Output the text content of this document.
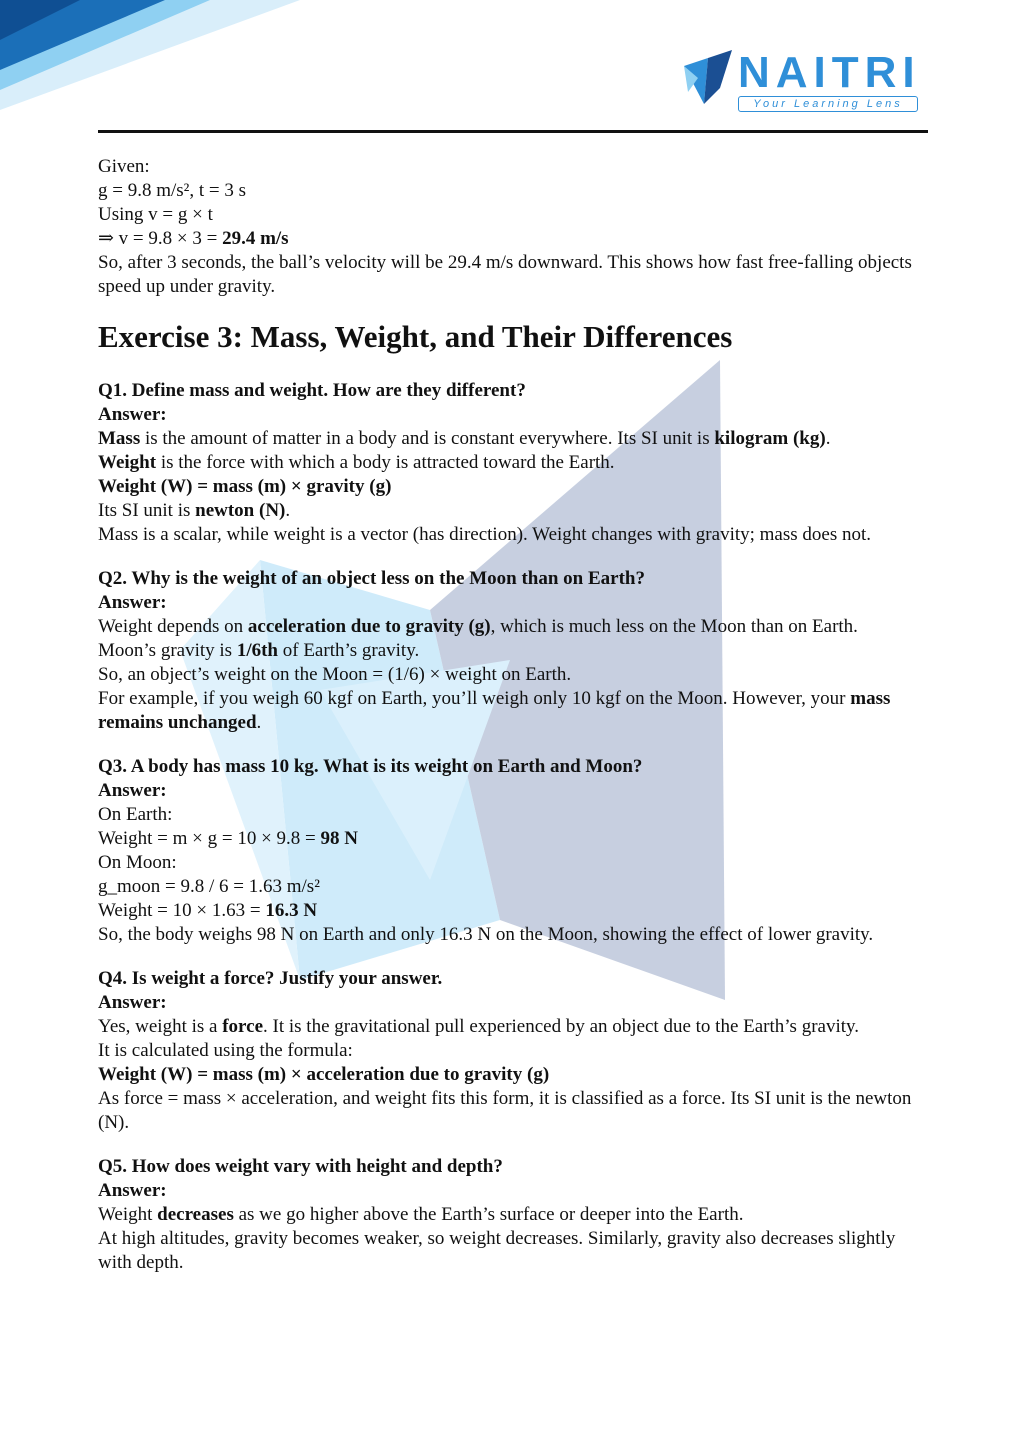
NAITRI
Your Learning Lens

Given:

g = 9.8 m/s², t = 3 s

Using v = g × t

⇒ v = 9.8 × 3 = 29.4 m/s

So, after 3 seconds, the ball’s velocity will be 29.4 m/s downward. This shows how fast free-falling objects speed up under gravity.

Exercise 3: Mass, Weight, and Their Differences

Q1. Define mass and weight. How are they different?

Answer:

Mass is the amount of matter in a body and is constant everywhere. Its SI unit is kilogram (kg).

Weight is the force with which a body is attracted toward the Earth.

Weight (W) = mass (m) × gravity (g)

Its SI unit is newton (N).

Mass is a scalar, while weight is a vector (has direction). Weight changes with gravity; mass does not.

Q2. Why is the weight of an object less on the Moon than on Earth?

Answer:

Weight depends on acceleration due to gravity (g), which is much less on the Moon than on Earth.

Moon’s gravity is 1/6th of Earth’s gravity.

So, an object’s weight on the Moon = (1/6) × weight on Earth.

For example, if you weigh 60 kgf on Earth, you’ll weigh only 10 kgf on the Moon. However, your mass remains unchanged.

Q3. A body has mass 10 kg. What is its weight on Earth and Moon?

Answer:

On Earth:

Weight = m × g = 10 × 9.8 = 98 N

On Moon:

g_moon = 9.8 / 6 = 1.63 m/s²

Weight = 10 × 1.63 = 16.3 N

So, the body weighs 98 N on Earth and only 16.3 N on the Moon, showing the effect of lower gravity.

Q4. Is weight a force? Justify your answer.

Answer:

Yes, weight is a force. It is the gravitational pull experienced by an object due to the Earth’s gravity.

It is calculated using the formula:

Weight (W) = mass (m) × acceleration due to gravity (g)

As force = mass × acceleration, and weight fits this form, it is classified as a force. Its SI unit is the newton (N).

Q5. How does weight vary with height and depth?

Answer:

Weight decreases as we go higher above the Earth’s surface or deeper into the Earth.

At high altitudes, gravity becomes weaker, so weight decreases. Similarly, gravity also decreases slightly with depth.
